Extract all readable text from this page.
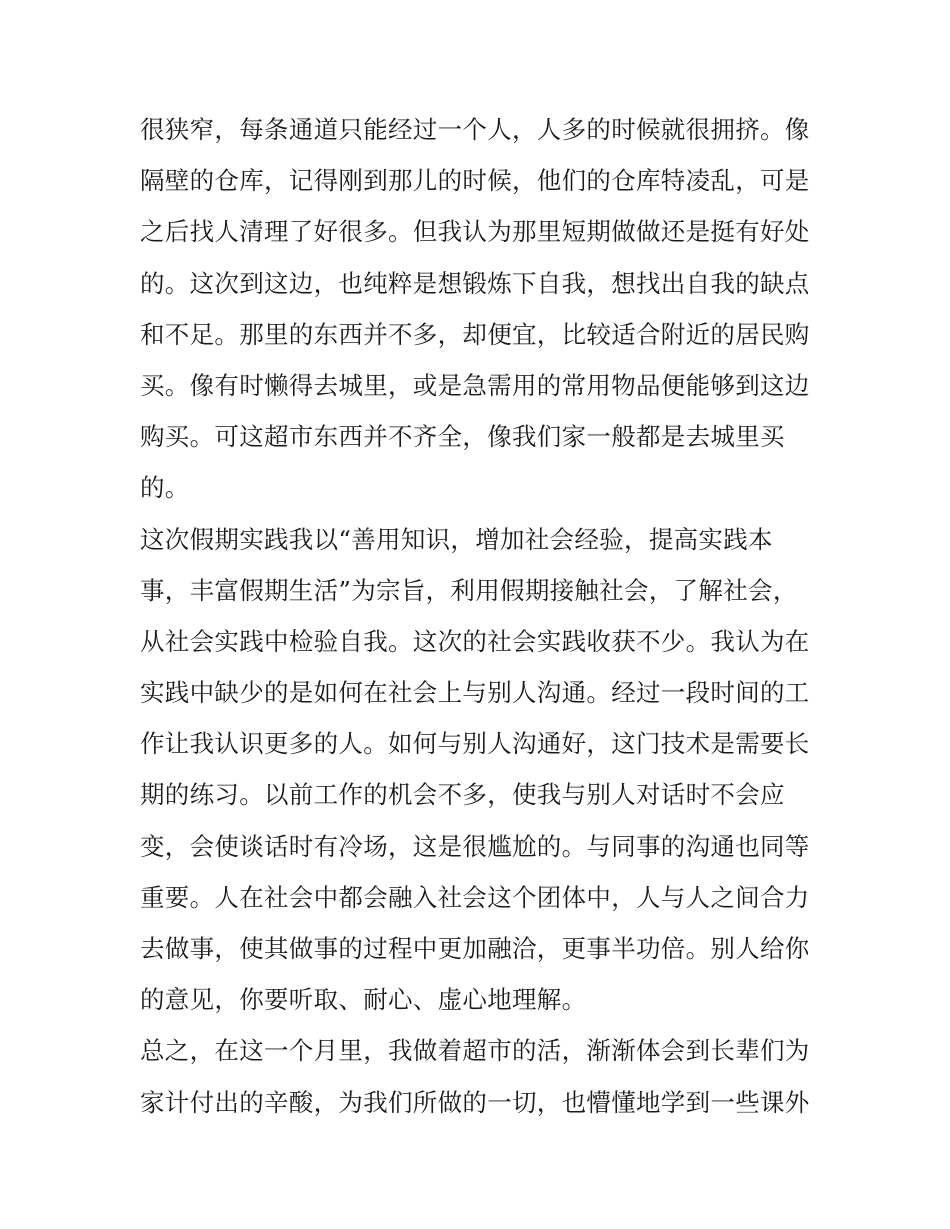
很狭窄，每条通道只能经过一个人，人多的时候就很拥挤。像
隔壁的仓库，记得刚到那儿的时候，他们的仓库特凌乱，可是
之后找人清理了好很多。但我认为那里短期做做还是挺有好处
的。这次到这边，也纯粹是想锻炼下自我，想找出自我的缺点
和不足。那里的东西并不多，却便宜，比较适合附近的居民购
买。像有时懒得去城里，或是急需用的常用物品便能够到这边
购买。可这超市东西并不齐全，像我们家一般都是去城里买
的。
这次假期实践我以“善用知识，增加社会经验，提高实践本
事，丰富假期生活”为宗旨，利用假期接触社会，了解社会，
从社会实践中检验自我。这次的社会实践收获不少。我认为在
实践中缺少的是如何在社会上与别人沟通。经过一段时间的工
作让我认识更多的人。如何与别人沟通好，这门技术是需要长
期的练习。以前工作的机会不多，使我与别人对话时不会应
变，会使谈话时有冷场，这是很尴尬的。与同事的沟通也同等
重要。人在社会中都会融入社会这个团体中，人与人之间合力
去做事，使其做事的过程中更加融洽，更事半功倍。别人给你
的意见，你要听取、耐心、虚心地理解。
总之，在这一个月里，我做着超市的活，渐渐体会到长辈们为
家计付出的辛酸，为我们所做的一切，也懵懂地学到一些课外
